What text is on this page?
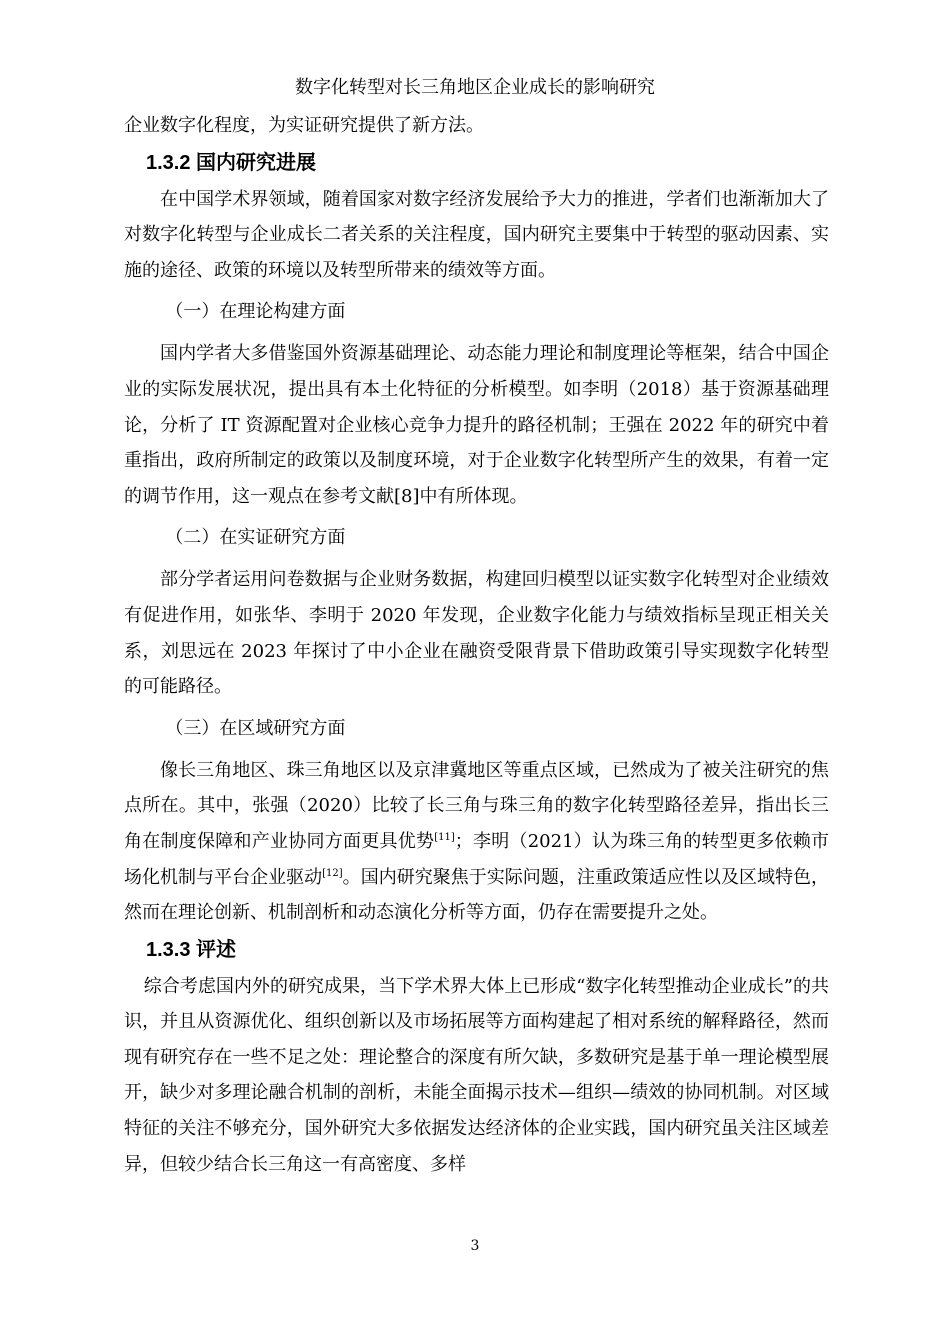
数字化转型对长三角地区企业成长的影响研究

企业数字化程度，为实证研究提供了新方法。

1.3.2 国内研究进展

在中国学术界领域，随着国家对数字经济发展给予大力的推进，学者们也渐渐加大了对数字化转型与企业成长二者关系的关注程度，国内研究主要集中于转型的驱动因素、实施的途径、政策的环境以及转型所带来的绩效等方面。

（一）在理论构建方面

国内学者大多借鉴国外资源基础理论、动态能力理论和制度理论等框架，结合中国企业的实际发展状况，提出具有本土化特征的分析模型。如李明（2018）基于资源基础理论，分析了 IT 资源配置对企业核心竞争力提升的路径机制；王强在 2022 年的研究中着重指出，政府所制定的政策以及制度环境，对于企业数字化转型所产生的效果，有着一定的调节作用，这一观点在参考文献[8]中有所体现。

（二）在实证研究方面

部分学者运用问卷数据与企业财务数据，构建回归模型以证实数字化转型对企业绩效有促进作用，如张华、李明于 2020 年发现，企业数字化能力与绩效指标呈现正相关关系，刘思远在 2023 年探讨了中小企业在融资受限背景下借助政策引导实现数字化转型的可能路径。

（三）在区域研究方面

像长三角地区、珠三角地区以及京津冀地区等重点区域，已然成为了被关注研究的焦点所在。其中，张强（2020）比较了长三角与珠三角的数字化转型路径差异，指出长三角在制度保障和产业协同方面更具优势[11]；李明（2021）认为珠三角的转型更多依赖市场化机制与平台企业驱动[12]。国内研究聚焦于实际问题，注重政策适应性以及区域特色，然而在理论创新、机制剖析和动态演化分析等方面，仍存在需要提升之处。

1.3.3 评述

综合考虑国内外的研究成果，当下学术界大体上已形成“数字化转型推动企业成长”的共识，并且从资源优化、组织创新以及市场拓展等方面构建起了相对系统的解释路径，然而现有研究存在一些不足之处：理论整合的深度有所欠缺，多数研究是基于单一理论模型展开，缺少对多理论融合机制的剖析，未能全面揭示技术—组织—绩效的协同机制。对区域特征的关注不够充分，国外研究大多依据发达经济体的企业实践，国内研究虽关注区域差异，但较少结合长三角这一有高密度、多样

3
